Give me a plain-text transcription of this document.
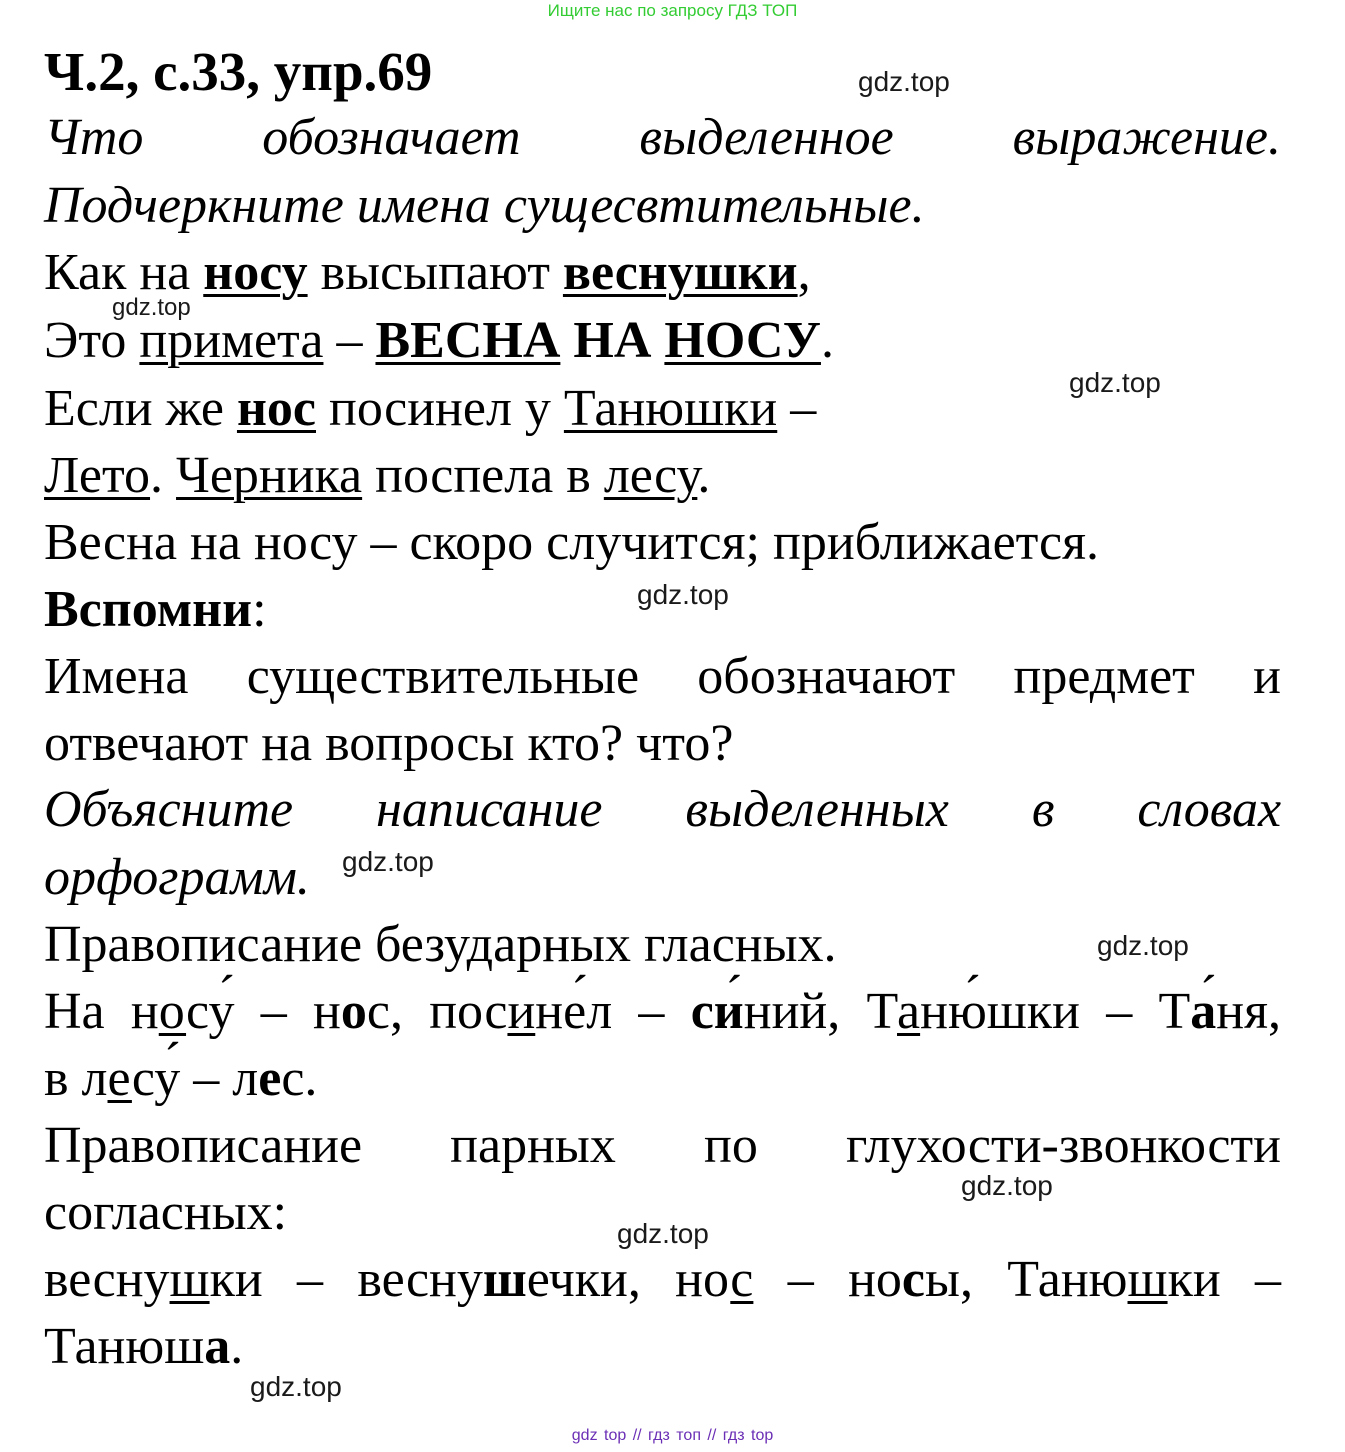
Ищите нас по запросу ГДЗ ТОП
Ч.2, с.33, упр.69
Что обозначает выделенное выражение.
Подчеркните имена сущесвтительные.
Как на носу высыпают веснушки,
Это примета – ВЕСНА НА НОСУ.
Если же нос посинел у Танюшки –
Лето. Черника поспела в лесу.
Весна на носу – скоро случится; приближается.
Вспомни:
Имена существительные обозначают предмет и
отвечают на вопросы кто? что?
Объясните написание выделенных в словах
орфограмм.
Правописание безударных гласных.
На носу ´ – нос, посине ´л – си ´ний, Таню ´шки – Та ´ня,
в лесу ´ – лес.
Правописание парных по глухости-звонкости
согласных:
веснушки – веснушечки, нос – носы, Танюшки –
Танюша.
gdz.top
gdz.top
gdz.top
gdz.top
gdz.top
gdz.top
gdz.top
gdz.top
gdz.top
gdz top // гдз топ // гдз top
